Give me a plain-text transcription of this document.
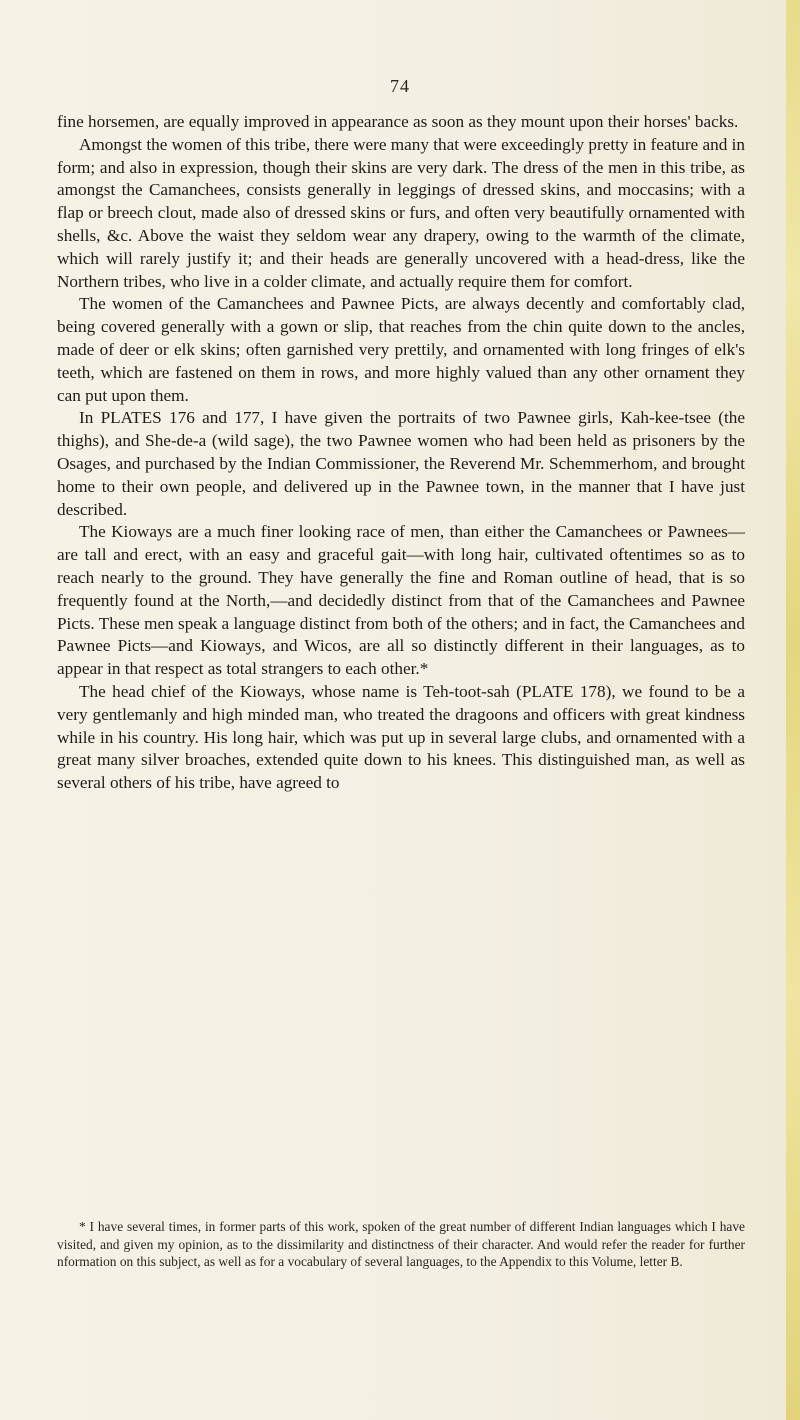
74

fine horsemen, are equally improved in appearance as soon as they mount upon their horses' backs.

Amongst the women of this tribe, there were many that were exceedingly pretty in feature and in form; and also in expression, though their skins are very dark. The dress of the men in this tribe, as amongst the Camanchees, consists generally in leggings of dressed skins, and moccasins; with a flap or breech clout, made also of dressed skins or furs, and often very beautifully ornamented with shells, &c. Above the waist they seldom wear any drapery, owing to the warmth of the climate, which will rarely justify it; and their heads are generally uncovered with a head-dress, like the Northern tribes, who live in a colder climate, and actually require them for comfort.

The women of the Camanchees and Pawnee Picts, are always decently and comfortably clad, being covered generally with a gown or slip, that reaches from the chin quite down to the ancles, made of deer or elk skins; often garnished very prettily, and ornamented with long fringes of elk's teeth, which are fastened on them in rows, and more highly valued than any other ornament they can put upon them.

In PLATES 176 and 177, I have given the portraits of two Pawnee girls, Kah-kee-tsee (the thighs), and She-de-a (wild sage), the two Pawnee women who had been held as prisoners by the Osages, and purchased by the Indian Commissioner, the Reverend Mr. Schemmerhom, and brought home to their own people, and delivered up in the Pawnee town, in the manner that I have just described.

The Kioways are a much finer looking race of men, than either the Camanchees or Pawnees—are tall and erect, with an easy and graceful gait—with long hair, cultivated oftentimes so as to reach nearly to the ground. They have generally the fine and Roman outline of head, that is so frequently found at the North,—and decidedly distinct from that of the Camanchees and Pawnee Picts. These men speak a language distinct from both of the others; and in fact, the Camanchees and Pawnee Picts—and Kioways, and Wicos, are all so distinctly different in their languages, as to appear in that respect as total strangers to each other.*

The head chief of the Kioways, whose name is Teh-toot-sah (PLATE 178), we found to be a very gentlemanly and high minded man, who treated the dragoons and officers with great kindness while in his country. His long hair, which was put up in several large clubs, and ornamented with a great many silver broaches, extended quite down to his knees. This distinguished man, as well as several others of his tribe, have agreed to

* I have several times, in former parts of this work, spoken of the great number of different Indian languages which I have visited, and given my opinion, as to the dissimilarity and distinctness of their character. And would refer the reader for further nformation on this subject, as well as for a vocabulary of several languages, to the Appendix to this Volume, letter B.
